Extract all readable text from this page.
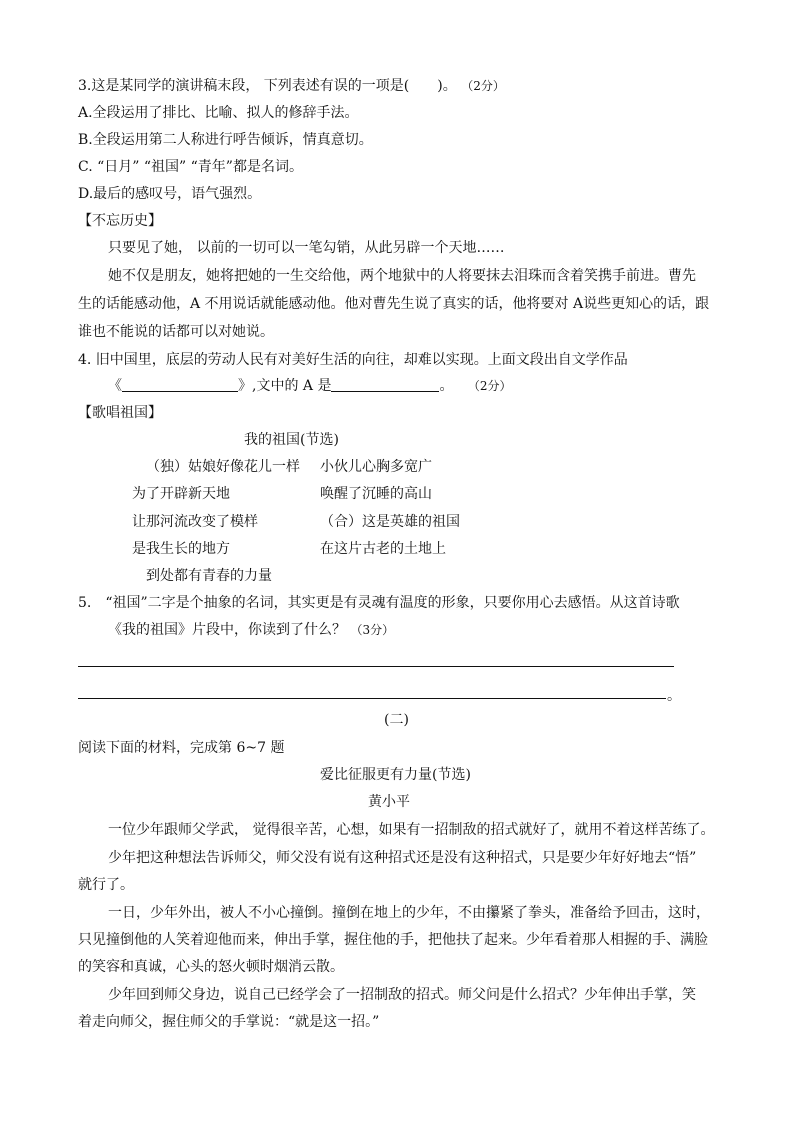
3.这是某同学的演讲稿末段， 下列表述有误的一项是(　　)。 （2分）
A.全段运用了排比、比喻、拟人的修辞手法。
B.全段运用第二人称进行呼告倾诉，情真意切。
C. “日月” “祖国” “青年”都是名词。
D.最后的感叹号，语气强烈。
【不忘历史】
只要见了她， 以前的一切可以一笔勾销，从此另辟一个天地……
她不仅是朋友，她将把她的一生交给他，两个地狱中的人将要抹去泪珠而含着笑携手前进。曹先
生的话能感动他，A 不用说话就能感动他。他对曹先生说了真实的话，他将要对 A说些更知心的话，跟
谁也不能说的话都可以对她说。
4. 旧中国里，底层的劳动人民有对美好生活的向往，却难以实现。上面文段出自文学作品
《	》,文中的 A 是	。 （2分）
【歌唱祖国】
我的祖国(节选)
（独）姑娘好像花儿一样 小伙儿心胸多宽广
为了开辟新天地	唤醒了沉睡的高山
让那河流改变了模样	（合）这是英雄的祖国
是我生长的地方	在这片古老的土地上
到处都有青春的力量
5.　“祖国”二字是个抽象的名词，其实更是有灵魂有温度的形象，只要你用心去感悟。从这首诗歌
《我的祖国》片段中，你读到了什么？ （3分）
。
(二)
阅读下面的材料，完成第 6~7 题
爱比征服更有力量(节选)
黄小平
一位少年跟师父学武， 觉得很辛苦，心想，如果有一招制敌的招式就好了，就用不着这样苦练了。
少年把这种想法告诉师父，师父没有说有这种招式还是没有这种招式，只是要少年好好地去“悟”
就行了。
一日，少年外出，被人不小心撞倒。撞倒在地上的少年，不由攥紧了拳头，准备给予回击，这时，
只见撞倒他的人笑着迎他而来，伸出手掌，握住他的手，把他扶了起来。少年看着那人相握的手、满脸
的笑容和真诚，心头的怒火顿时烟消云散。
少年回到师父身边，说自己已经学会了一招制敌的招式。师父问是什么招式？少年伸出手掌，笑
着走向师父，握住师父的手掌说：“就是这一招。”
